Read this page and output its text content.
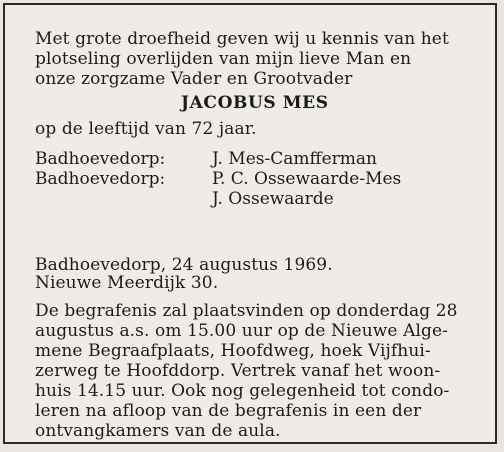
Met grote droefheid geven wij u kennis van het
plotseling overlijden van mijn lieve Man en
onze zorgzame Vader en Grootvader
JACOBUS MES
op de leeftijd van 72 jaar.
Badhoevedorp:	J. Mes-Camfferman
Badhoevedorp:	P. C. Ossewaarde-Mes
J. Ossewaarde
Badhoevedorp, 24 augustus 1969.
Nieuwe Meerdijk 30.
De begrafenis zal plaatsvinden op donderdag 28
augustus a.s. om 15.00 uur op de Nieuwe Alge-
mene Begraafplaats, Hoofdweg, hoek Vijfhui-
zerweg te Hoofddorp. Vertrek vanaf het woon-
huis 14.15 uur. Ook nog gelegenheid tot condo-
leren na afloop van de begrafenis in een der
ontvangkamers van de aula.
